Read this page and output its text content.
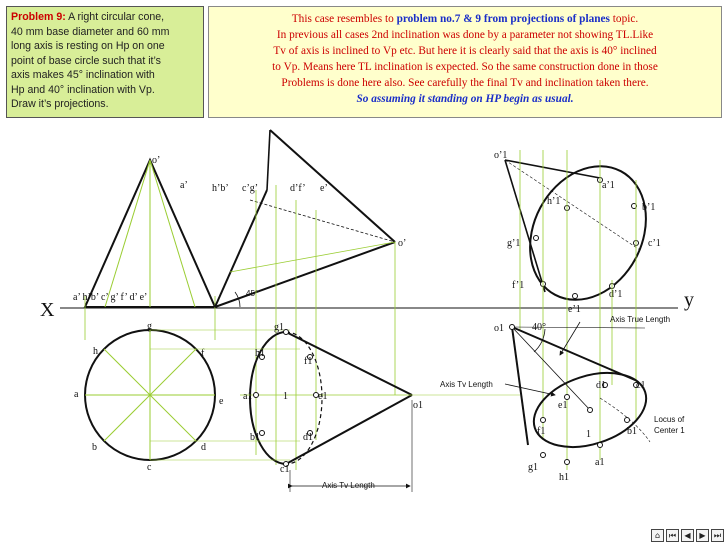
Problem 9: A right circular cone,
40 mm base diameter and 60 mm
long axis is resting on Hp on one
point of base circle such that it’s
axis makes 45° inclination with
Hp and 40° inclination with Vp.
Draw it’s projections.
This case resembles to problem no.7 & 9 from projections of planes topic.
In previous all cases 2nd inclination was done by a parameter not showing TL.Like
Tv of axis is inclined to Vp etc. But here it is clearly said that the axis is 40° inclined
to Vp. Means here TL inclination is expected. So the same construction done in those
Problems is done here also. See carefully the final Tv and inclination taken there.
So assuming it standing on HP begin as usual.
X	y
o’
a’ h’b’ c’ g’ f’ d’ e’
g
h	f
a
e
b	d
c
a’ h’b’ c’g’	d’f’ e’
o’
45°
g1
h1
f1
a1	1	e1
b1	d1
c1
o1
Axis Tv Length
o’1
a’1
h’1
b’1
g’1	c’1
f’1
d’1
e’1
o1	40°
Axis True Length
Axis Tv Length	d1	c1
e1
f1	1	b1
g1
h1
a1
Locus of
Center 1
⌂	⏮	◀	▶	⏭
